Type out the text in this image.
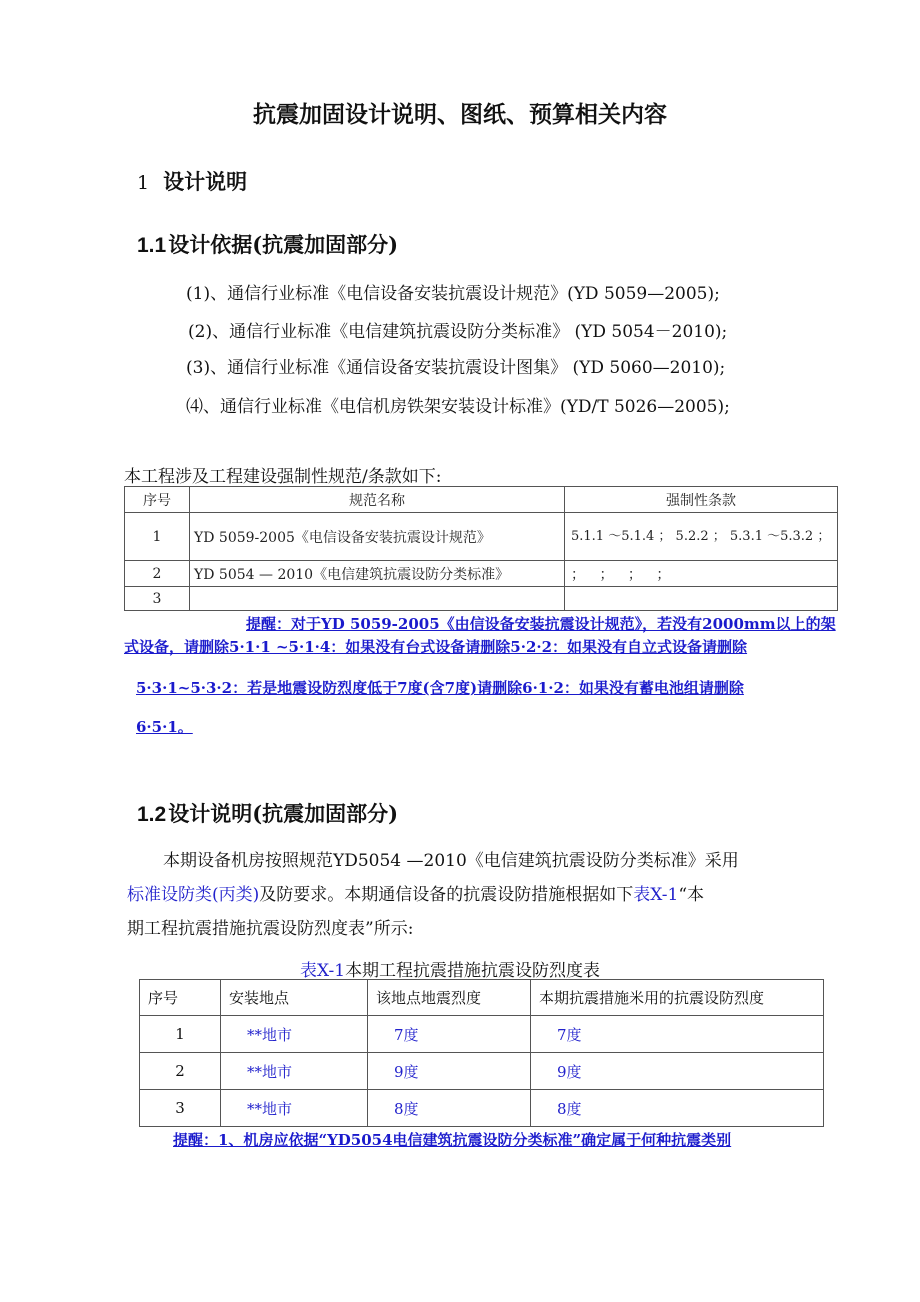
抗震加固设计说明、图纸、预算相关内容
1 设计说明
1.1设计依据(抗震加固部分)
(1)、通信行业标准《电信设备安装抗震设计规范》(YD 5059—2005);
(2)、通信行业标准《电信建筑抗震设防分类标准》 (YD 5054－2010);
(3)、通信行业标准《通信设备安装抗震设计图集》 (YD 5060—2010);
⑷、通信行业标准《电信机房铁架安装设计标准》(YD/T 5026—2005);
本工程涉及工程建设强制性规范/条款如下:
序号	规范名称	强制性条款
1	YD 5059-2005《电信设备安装抗震设计规范》	5.1.1 ～5.1.4 ； 5.2.2 ； 5.3.1 ～5.3.2 ；
2	YD 5054 — 2010《电信建筑抗震设防分类标准》	； ； ； ；
3		
提醒：对于YD 5059-2005《由信设备安装抗震设计规范》，若没有2000mm以上的架
式设备，请删除5·1·1 ~5·1·4：如果没有台式设备请删除5·2·2：如果没有自立式设备请删除
5·3·1~5·3·2：若是地震设防烈度低于7度(含7度)请删除6·1·2：如果没有蓄电池组请删除
6·5·1。
1.2设计说明(抗震加固部分)
本期设备机房按照规范YD5054 —2010《电信建筑抗震设防分类标准》采用
标准设防类(丙类)及防要求。本期通信设备的抗震设防措施根据如下表X-1“本
期工程抗震措施抗震设防烈度表”所示:
表X-1本期工程抗震措施抗震设防烈度表
序号	安装地点	该地点地震烈度	本期抗震措施米用的抗震设防烈度
1	**地市	7度	7度
2	**地市	9度	9度
3	**地市	8度	8度
提醒：1、机房应依据“YD5054电信建筑抗震设防分类标准”确定属于何种抗震类别
